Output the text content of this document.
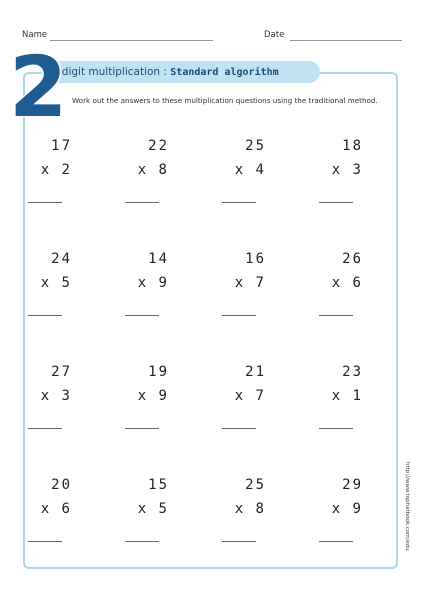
Name	Date
-digit multiplication : Standard algorithm
2 Work out the answers to these multiplication questions using the traditional method.
17
x 2
22
x 8
25
x 4
18
x 3
24
x 5
14
x 9
16
x 7
26
x 6
27
x 3
19
x 9
21
x 7
23
x 1
20
x 6
15
x 5
25
x 8
29
x 9	http://www.tophatbook.com/edu
